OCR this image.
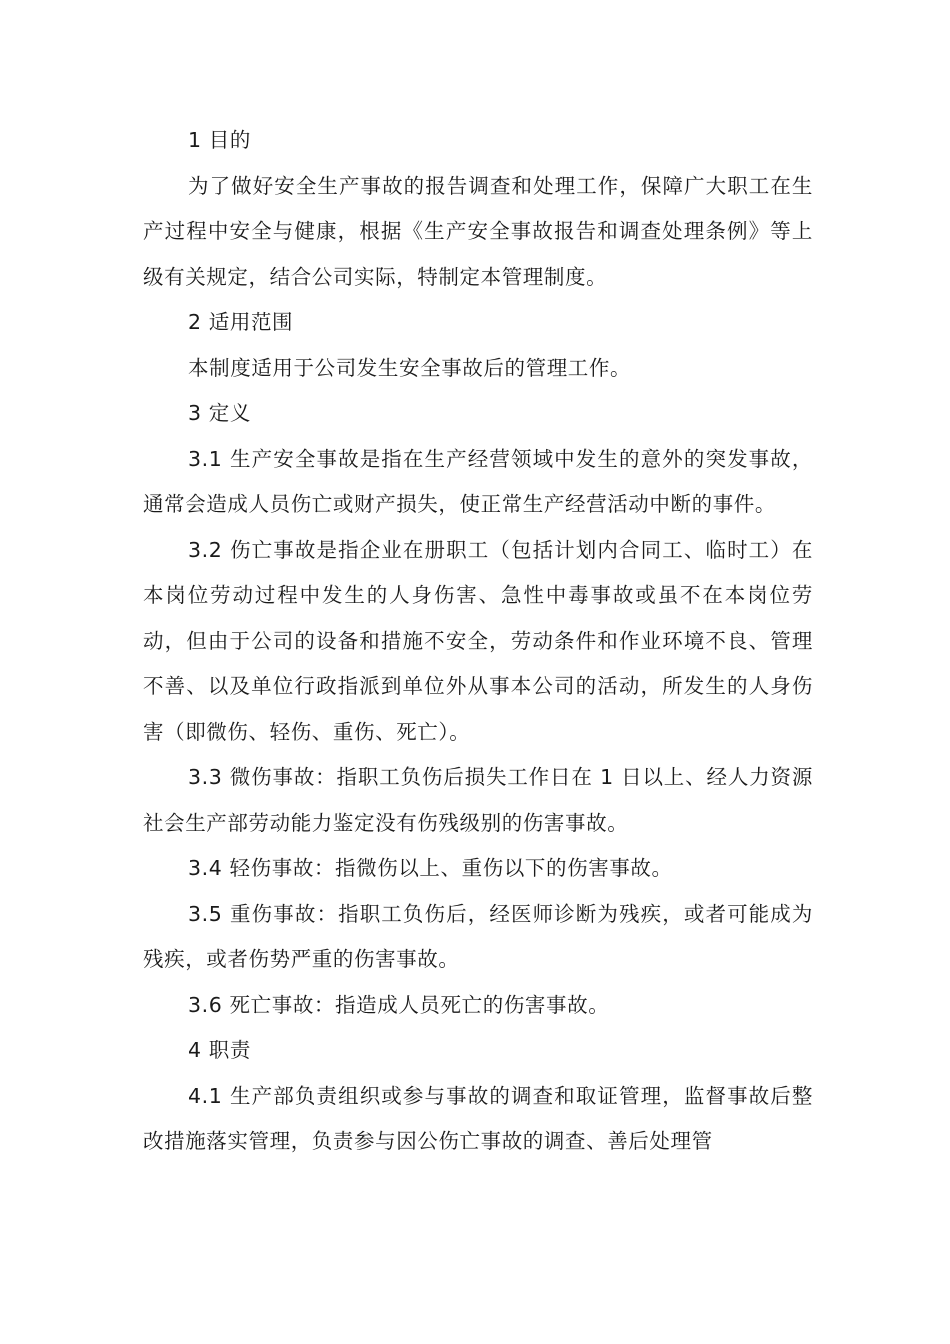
1 目的

为了做好安全生产事故的报告调查和处理工作，保障广大职工在生产过程中安全与健康，根据《生产安全事故报告和调查处理条例》等上级有关规定，结合公司实际，特制定本管理制度。

2 适用范围

本制度适用于公司发生安全事故后的管理工作。

3 定义

3.1 生产安全事故是指在生产经营领域中发生的意外的突发事故，通常会造成人员伤亡或财产损失，使正常生产经营活动中断的事件。

3.2 伤亡事故是指企业在册职工（包括计划内合同工、临时工）在本岗位劳动过程中发生的人身伤害、急性中毒事故或虽不在本岗位劳动，但由于公司的设备和措施不安全，劳动条件和作业环境不良、管理不善、以及单位行政指派到单位外从事本公司的活动，所发生的人身伤害（即微伤、轻伤、重伤、死亡）。

3.3 微伤事故：指职工负伤后损失工作日在 1 日以上、经人力资源社会生产部劳动能力鉴定没有伤残级别的伤害事故。

3.4 轻伤事故：指微伤以上、重伤以下的伤害事故。

3.5 重伤事故：指职工负伤后，经医师诊断为残疾，或者可能成为残疾，或者伤势严重的伤害事故。

3.6 死亡事故：指造成人员死亡的伤害事故。

4 职责

4.1 生产部负责组织或参与事故的调查和取证管理，监督事故后整改措施落实管理，负责参与因公伤亡事故的调查、善后处理管
